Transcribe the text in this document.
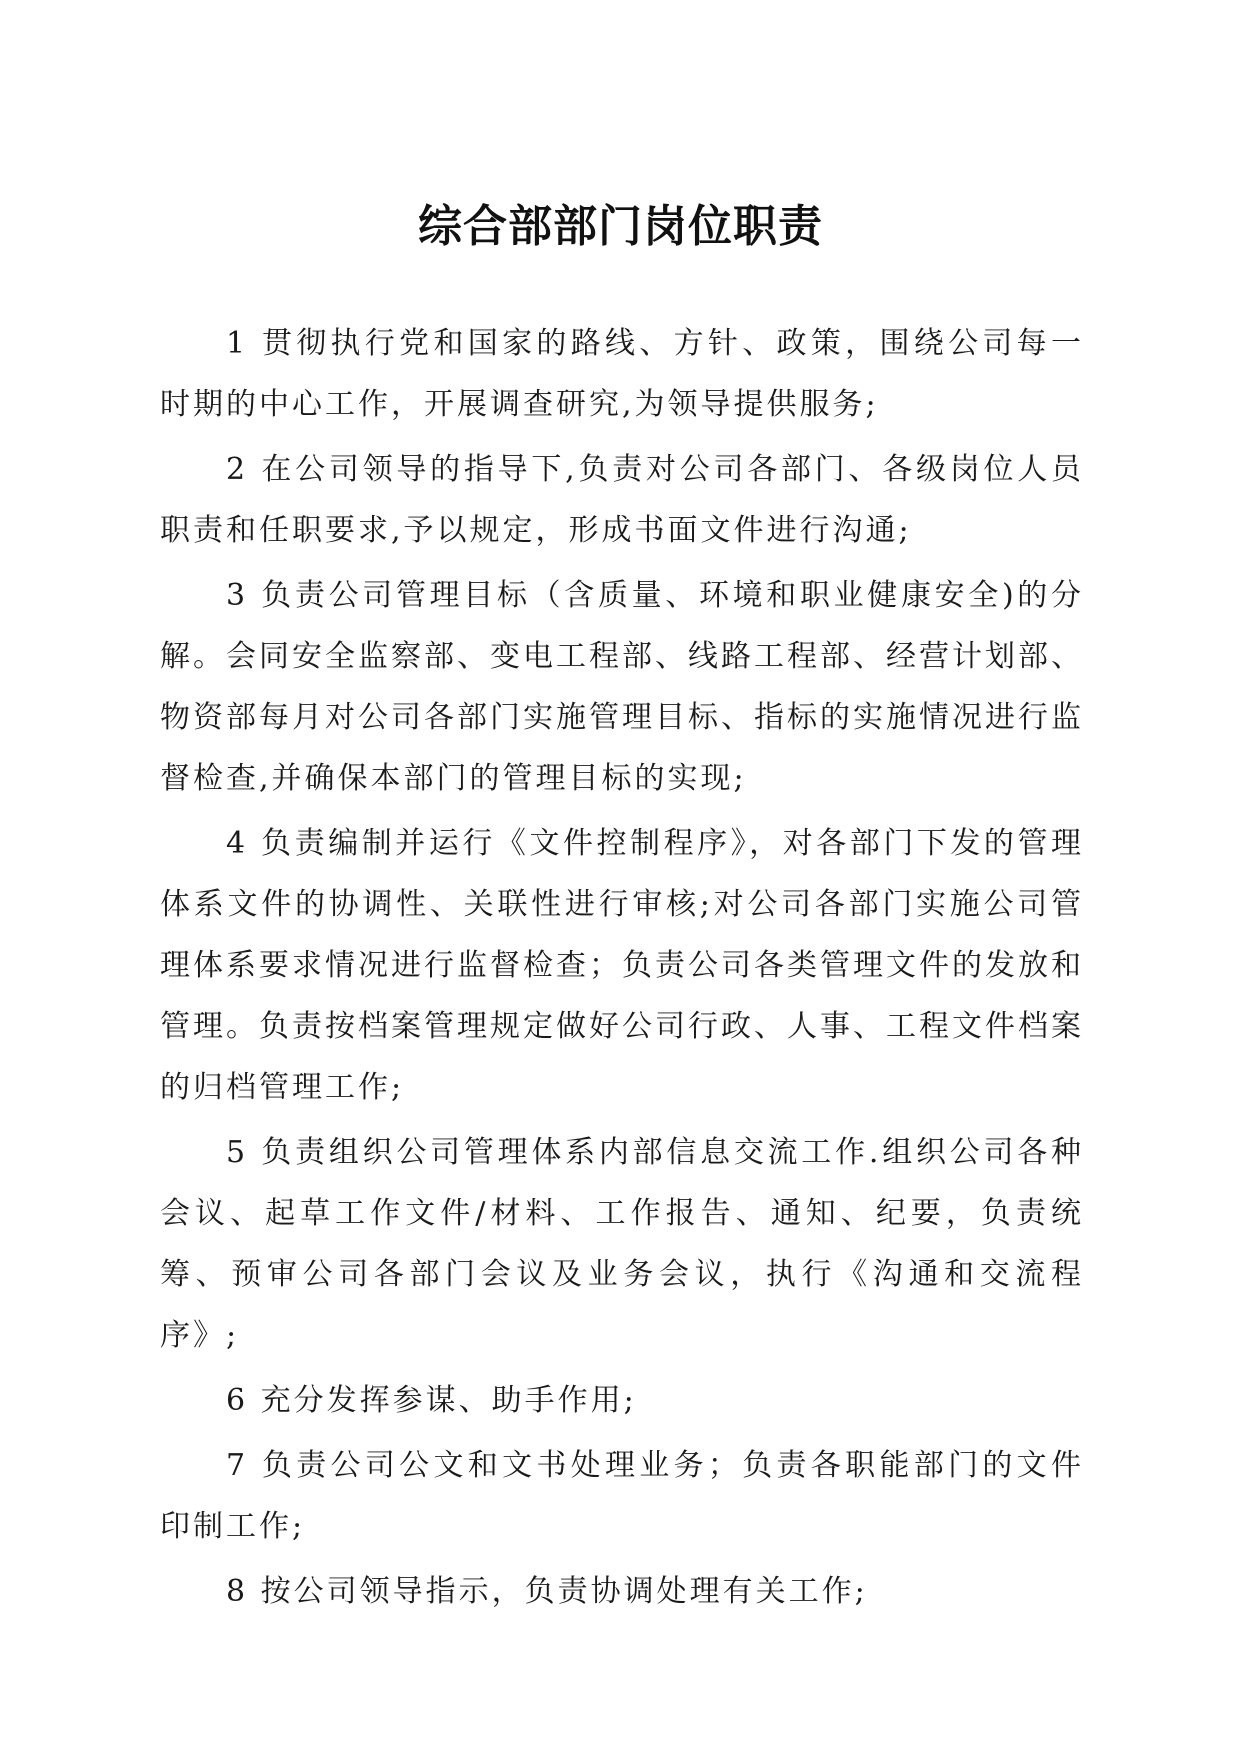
综合部部门岗位职责

1 贯彻执行党和国家的路线、方针、政策，围绕公司每一时期的中心工作，开展调查研究,为领导提供服务;

2 在公司领导的指导下,负责对公司各部门、各级岗位人员职责和任职要求,予以规定，形成书面文件进行沟通;

3 负责公司管理目标（含质量、环境和职业健康安全)的分解。会同安全监察部、变电工程部、线路工程部、经营计划部、物资部每月对公司各部门实施管理目标、指标的实施情况进行监督检查,并确保本部门的管理目标的实现;

4 负责编制并运行《文件控制程序》，对各部门下发的管理体系文件的协调性、关联性进行审核;对公司各部门实施公司管理体系要求情况进行监督检查；负责公司各类管理文件的发放和管理。负责按档案管理规定做好公司行政、人事、工程文件档案的归档管理工作;

5 负责组织公司管理体系内部信息交流工作.组织公司各种会议、起草工作文件/材料、工作报告、通知、纪要，负责统筹、预审公司各部门会议及业务会议，执行《沟通和交流程序》;

6 充分发挥参谋、助手作用;

7 负责公司公文和文书处理业务；负责各职能部门的文件印制工作;

8 按公司领导指示，负责协调处理有关工作;
